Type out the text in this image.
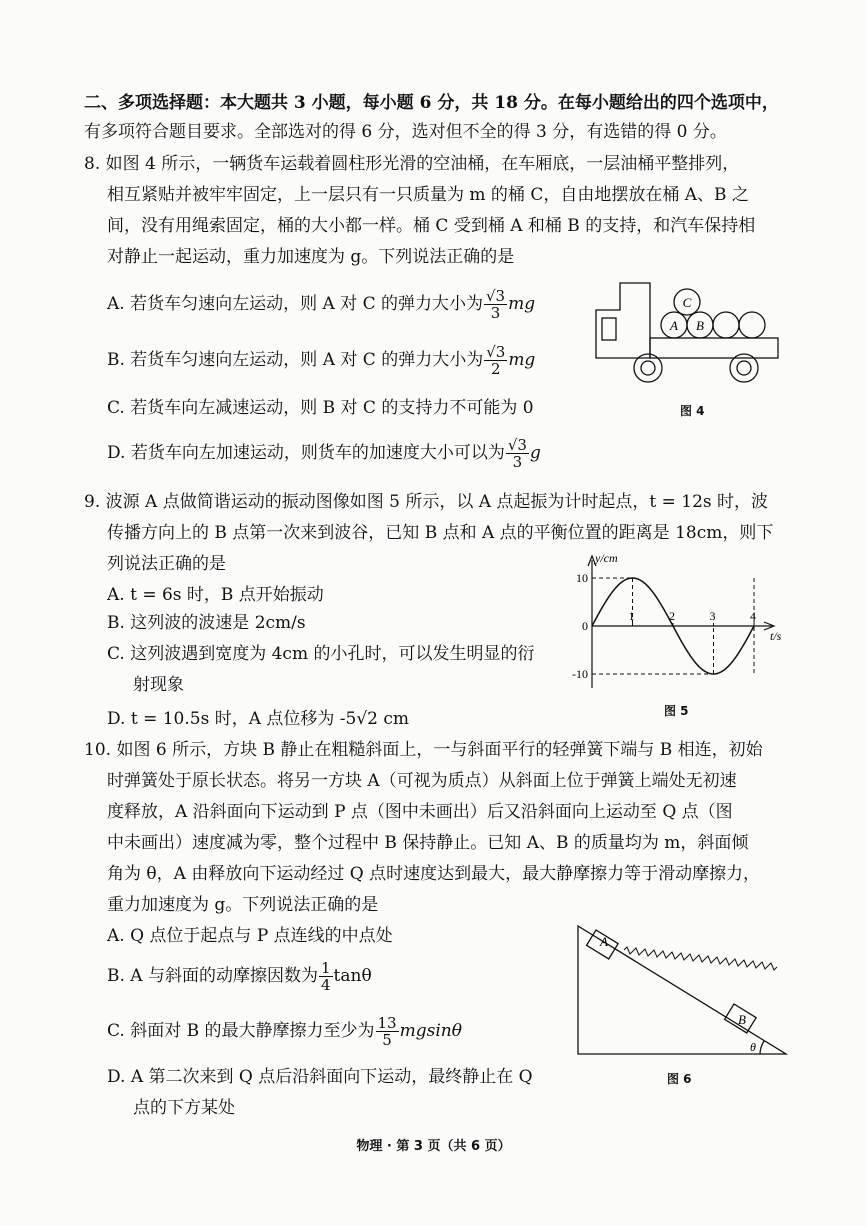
二、多项选择题：本大题共 3 小题，每小题 6 分，共 18 分。在每小题给出的四个选项中，
有多项符合题目要求。全部选对的得 6 分，选对但不全的得 3 分，有选错的得 0 分。
8. 如图 4 所示，一辆货车运载着圆柱形光滑的空油桶，在车厢底，一层油桶平整排列，
相互紧贴并被牢牢固定，上一层只有一只质量为 m 的桶 C，自由地摆放在桶 A、B 之
间，没有用绳索固定，桶的大小都一样。桶 C 受到桶 A 和桶 B 的支持，和汽车保持相
对静止一起运动，重力加速度为 g。下列说法正确的是
A. 若货车匀速向左运动，则 A 对 C 的弹力大小为 $\frac{√3}{3}$ mg
B. 若货车匀速向左运动，则 A 对 C 的弹力大小为 $\frac{√3}{2}$ mg
C. 若货车向左减速运动，则 B 对 C 的支持力不可能为 0
D. 若货车向左加速运动，则货车的加速度大小可以为 $\frac{√3}{3}$ g
C
A B
图 4
9. 波源 A 点做简谐运动的振动图像如图 5 所示，以 A 点起振为计时起点，t = 12s 时，波
传播方向上的 B 点第一次来到波谷，已知 B 点和 A 点的平衡位置的距离是 18cm，则下
列说法正确的是
A. t = 6s 时，B 点开始振动
B. 这列波的波速是 2cm/s
C. 这列波遇到宽度为 4cm 的小孔时，可以发生明显的衍
射现象
D. t = 10.5s 时，A 点位移为 -5√2 cm
1	2	3	4
10
0
-10
y/cm
t/s
图 5
10. 如图 6 所示，方块 B 静止在粗糙斜面上，一与斜面平行的轻弹簧下端与 B 相连，初始
时弹簧处于原长状态。将另一方块 A（可视为质点）从斜面上位于弹簧上端处无初速
度释放，A 沿斜面向下运动到 P 点（图中未画出）后又沿斜面向上运动至 Q 点（图
中未画出）速度减为零，整个过程中 B 保持静止。已知 A、B 的质量均为 m，斜面倾
角为 θ，A 由释放向下运动经过 Q 点时速度达到最大，最大静摩擦力等于滑动摩擦力，
重力加速度为 g。下列说法正确的是
A. Q 点位于起点与 P 点连线的中点处
B. A 与斜面的动摩擦因数为 $\frac{1}{4}$ tanθ
C. 斜面对 B 的最大静摩擦力至少为 $\frac{13}{5}$ mgsinθ
D. A 第二次来到 Q 点后沿斜面向下运动，最终静止在 Q
点的下方某处
A
B
θ
图 6
物理 · 第 3 页（共 6 页）
